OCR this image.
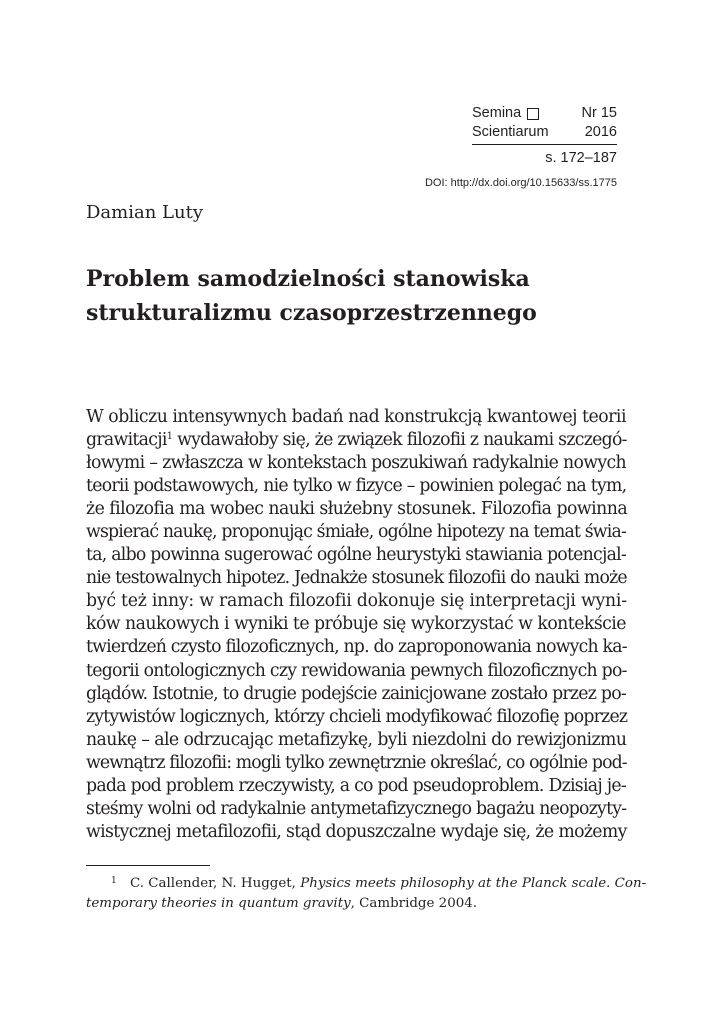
Semina	Nr 15
Scientiarum 2016
s. 172–187
DOI: http://dx.doi.org/10.15633/ss.1775
Damian Luty
Problem samodzielności stanowiska
strukturalizmu czasoprzestrzennego
W obliczu intensywnych badań nad konstrukcją kwantowej teorii
grawitacji$^1$ wydawałoby się, że związek filozofii z naukami szczegó-
łowymi – zwłaszcza w kontekstach poszukiwań radykalnie nowych
teorii podstawowych, nie tylko w fizyce – powinien polegać na tym,
że filozofia ma wobec nauki służebny stosunek. Filozofia powinna
wspierać naukę, proponując śmiałe, ogólne hipotezy na temat świa-
ta, albo powinna sugerować ogólne heurystyki stawiania potencjal-
nie testowalnych hipotez. Jednakże stosunek filozofii do nauki może
być też inny: w ramach filozofii dokonuje się interpretacji wyni-
ków naukowych i wyniki te próbuje się wykorzystać w kontekście
twierdzeń czysto filozoficznych, np. do zaproponowania nowych ka-
tegorii ontologicznych czy rewidowania pewnych filozoficznych po-
glądów. Istotnie, to drugie podejście zainicjowane zostało przez po-
zytywistów logicznych, którzy chcieli modyfikować filozofię poprzez
naukę – ale odrzucając metafizykę, byli niezdolni do rewizjonizmu
wewnątrz filozofii: mogli tylko zewnętrznie określać, co ogólnie pod-
pada pod problem rzeczywisty, a co pod pseudoproblem. Dzisiaj je-
steśmy wolni od radykalnie antymetafizycznego bagażu neopozyty-
wistycznej metafilozofii, stąd dopuszczalne wydaje się, że możemy
1 C. Callender, N. Hugget, Physics meets philosophy at the Planck scale. Con-
temporary theories in quantum gravity, Cambridge 2004.
